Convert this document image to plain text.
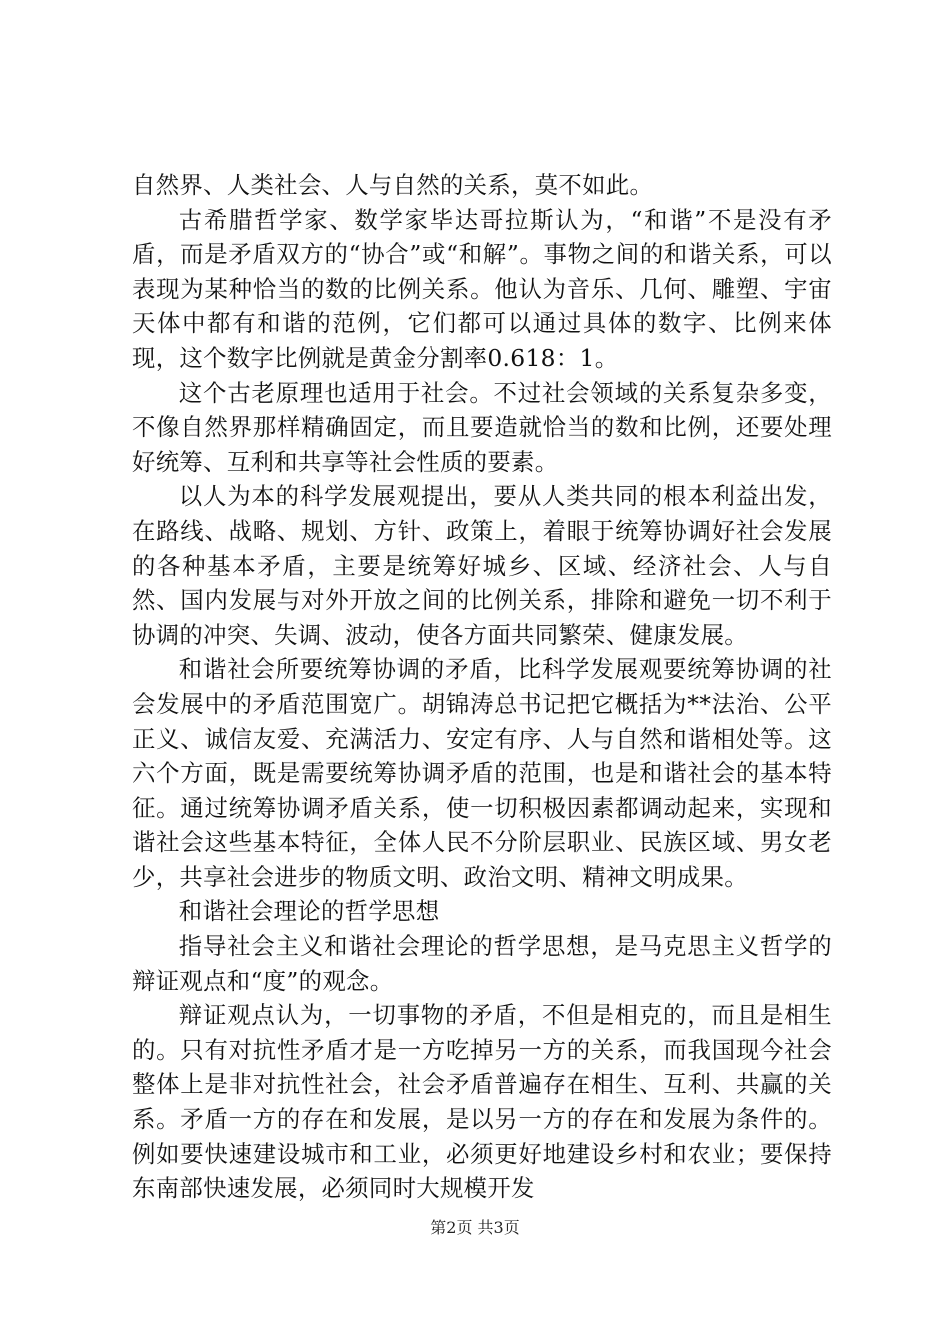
自然界、人类社会、人与自然的关系，莫不如此。

古希腊哲学家、数学家毕达哥拉斯认为，“和谐”不是没有矛盾，而是矛盾双方的“协合”或“和解”。事物之间的和谐关系，可以表现为某种恰当的数的比例关系。他认为音乐、几何、雕塑、宇宙天体中都有和谐的范例，它们都可以通过具体的数字、比例来体现，这个数字比例就是黄金分割率0.618：1。

这个古老原理也适用于社会。不过社会领域的关系复杂多变，不像自然界那样精确固定，而且要造就恰当的数和比例，还要处理好统筹、互利和共享等社会性质的要素。

以人为本的科学发展观提出，要从人类共同的根本利益出发，在路线、战略、规划、方针、政策上，着眼于统筹协调好社会发展的各种基本矛盾，主要是统筹好城乡、区域、经济社会、人与自然、国内发展与对外开放之间的比例关系，排除和避免一切不利于协调的冲突、失调、波动，使各方面共同繁荣、健康发展。

和谐社会所要统筹协调的矛盾，比科学发展观要统筹协调的社会发展中的矛盾范围宽广。胡锦涛总书记把它概括为**法治、公平正义、诚信友爱、充满活力、安定有序、人与自然和谐相处等。这六个方面，既是需要统筹协调矛盾的范围，也是和谐社会的基本特征。通过统筹协调矛盾关系，使一切积极因素都调动起来，实现和谐社会这些基本特征，全体人民不分阶层职业、民族区域、男女老少，共享社会进步的物质文明、政治文明、精神文明成果。

和谐社会理论的哲学思想

指导社会主义和谐社会理论的哲学思想，是马克思主义哲学的辩证观点和“度”的观念。

辩证观点认为，一切事物的矛盾，不但是相克的，而且是相生的。只有对抗性矛盾才是一方吃掉另一方的关系，而我国现今社会整体上是非对抗性社会，社会矛盾普遍存在相生、互利、共赢的关系。矛盾一方的存在和发展，是以另一方的存在和发展为条件的。例如要快速建设城市和工业，必须更好地建设乡村和农业；要保持东南部快速发展，必须同时大规模开发

第2页 共3页
